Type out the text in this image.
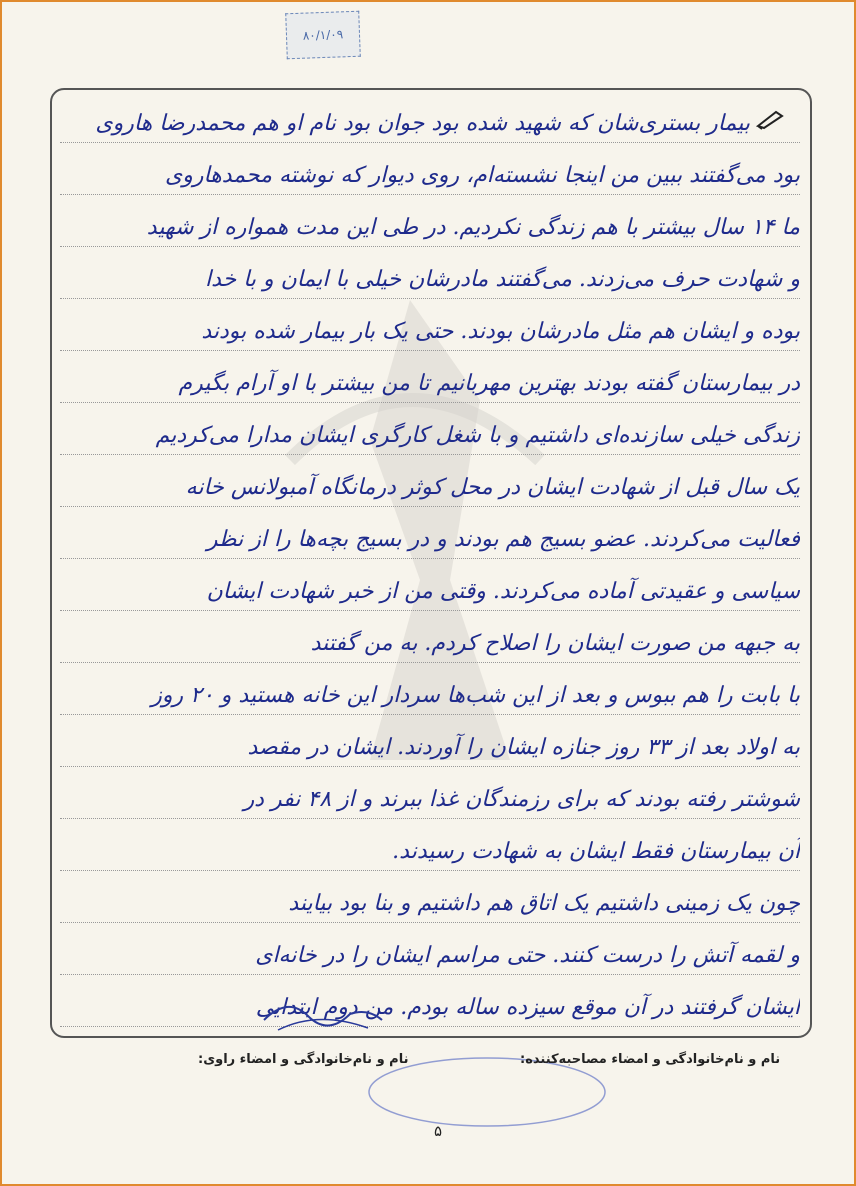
۸۰/۱/۰۹
بیمار بستری‌شان که شهید شده بود جوان بود نام او هم محمدرضا هاروی
بود می‌گفتند ببین من اینجا نشسته‌ام، روی دیوار که نوشته محمدهاروی
ما ۱۴ سال بیشتر با هم زندگی نکردیم. در طی این مدت همواره از شهید
و شهادت حرف می‌زدند. می‌گفتند مادرشان خیلی با ایمان و با خدا
بوده و ایشان هم مثل مادرشان بودند. حتی یک بار بیمار شده بودند
در بیمارستان گفته بودند بهترین مهربانیم تا من بیشتر با او آرام بگیرم
زندگی خیلی سازنده‌ای داشتیم و با شغل کارگری ایشان مدارا می‌کردیم
یک سال قبل از شهادت ایشان در محل کوثر درمانگاه آمبولانس خانه
فعالیت می‌کردند. عضو بسیج هم بودند و در بسیج بچه‌ها را از نظر
سیاسی و عقیدتی آماده می‌کردند. وقتی من از خبر شهادت ایشان
به جبهه من صورت ایشان را اصلاح کردم. به من گفتند
با بابت را هم ببوس و بعد از این شب‌ها سردار این خانه هستید و ۲۰ روز
به اولاد بعد از ۳۳ روز جنازه ایشان را آوردند. ایشان در مقصد
شوشتر رفته بودند که برای رزمندگان غذا ببرند و از ۴۸ نفر در
آن بیمارستان فقط ایشان به شهادت رسیدند.
چون یک زمینی داشتیم یک اتاق هم داشتیم و بنا بود بیایند
و لقمه آتش را درست کنند. حتی مراسم ایشان را در خانه‌ای
ایشان گرفتند در آن موقع سیزده ساله بودم. من دوم ابتدایی
نام و نام‌خانوادگی و امضاء مصاحبه‌کننده:
نام و نام‌خانوادگی و امضاء راوی:
۵
